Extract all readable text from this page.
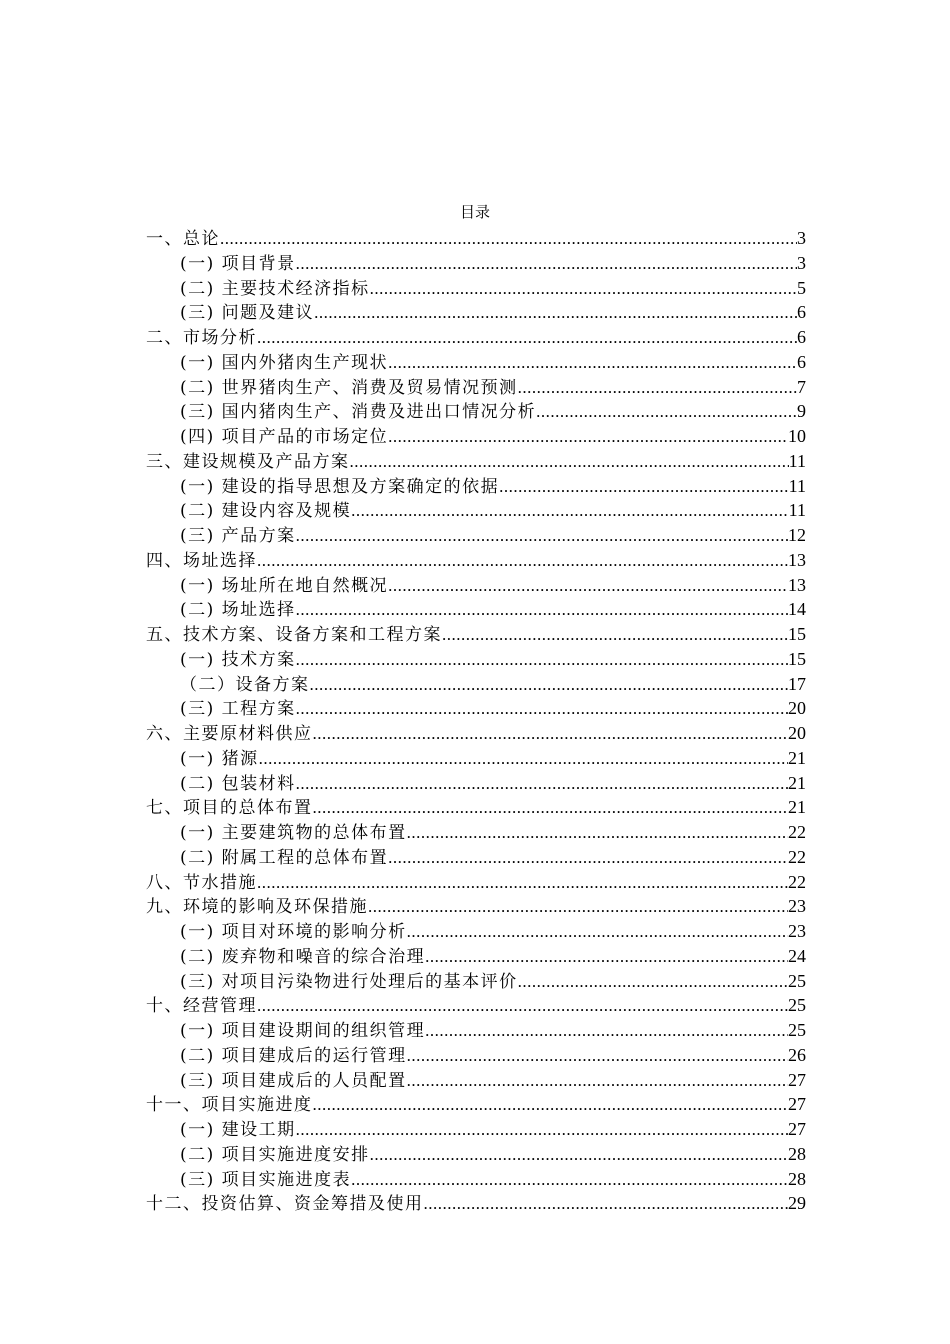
目录
一、总论 .....	3
(一) 项目背景 .....	3
(二) 主要技术经济指标 .....	5
(三) 问题及建议 .....	6
二、市场分析 .....	6
(一) 国内外猪肉生产现状 .....	6
(二) 世界猪肉生产、消费及贸易情况预测 .....	7
(三) 国内猪肉生产、消费及进出口情况分析 .....	9
(四) 项目产品的市场定位 .....	10
三、建设规模及产品方案 .....	11
(一) 建设的指导思想及方案确定的依据 .....	11
(二) 建设内容及规模 .....	11
(三) 产品方案 .....	12
四、场址选择 .....	13
(一) 场址所在地自然概况 .....	13
(二) 场址选择 .....	14
五、技术方案、设备方案和工程方案 .....	15
(一) 技术方案 .....	15
（二）设备方案 .....	17
(三) 工程方案 .....	20
六、主要原材料供应 .....	20
(一) 猪源 .....	21
(二) 包装材料 .....	21
七、项目的总体布置 .....	21
(一) 主要建筑物的总体布置 .....	22
(二) 附属工程的总体布置 .....	22
八、节水措施 .....	22
九、环境的影响及环保措施 .....	23
(一) 项目对环境的影响分析 .....	23
(二) 废弃物和噪音的综合治理 .....	24
(三) 对项目污染物进行处理后的基本评价 .....	25
十、经营管理 .....	25
(一) 项目建设期间的组织管理 .....	25
(二) 项目建成后的运行管理 .....	26
(三) 项目建成后的人员配置 .....	27
十一、项目实施进度 .....	27
(一) 建设工期 .....	27
(二) 项目实施进度安排 .....	28
(三) 项目实施进度表 .....	28
十二、投资估算、资金筹措及使用 .....	29
